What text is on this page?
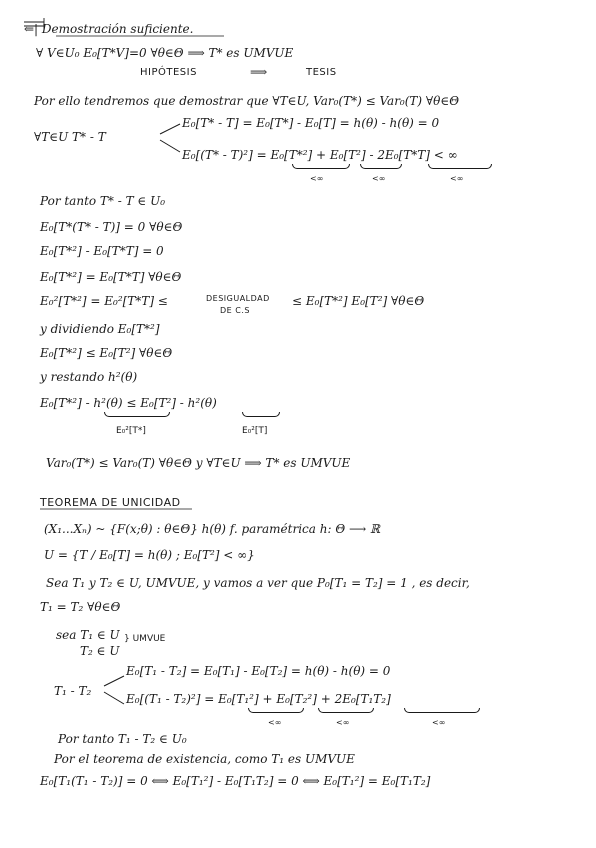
⇐| Demostración suficiente.
∀ V∈U₀ E₀[T*V]=0 ∀θ∈Θ ⟹ T* es UMVUE
HIPÓTESIS	⟹	TESIS
Por ello tendremos que demostrar que ∀T∈U, Var₀(T*) ≤ Var₀(T) ∀θ∈Θ
∀T∈U T* - T
E₀[T* - T] = E₀[T*] - E₀[T] = h(θ) - h(θ) = 0
E₀[(T* - T)²] = E₀[T*²] + E₀[T²] - 2E₀[T*T] < ∞
<∞	<∞	<∞
Por tanto T* - T ∈ U₀
E₀[T*(T* - T)] = 0 ∀θ∈Θ
E₀[T*²] - E₀[T*T] = 0
E₀[T*²] = E₀[T*T] ∀θ∈Θ
E₀²[T*²] = E₀²[T*T] ≤	DESIGUALDAD
DE C.S
≤ E₀[T*²] E₀[T²] ∀θ∈Θ
y dividiendo E₀[T*²]
E₀[T*²] ≤ E₀[T²] ∀θ∈Θ
y restando h²(θ)
E₀[T*²] - h²(θ) ≤ E₀[T²] - h²(θ)
E₀²[T*]	E₀²[T]
Var₀(T*) ≤ Var₀(T) ∀θ∈Θ y ∀T∈U ⟹ T* es UMVUE
TEOREMA DE UNICIDAD
(X₁...Xₙ) ~ {F(x;θ) : θ∈Θ} h(θ) f. paramétrica h: Θ ⟶ ℝ
U = {T / E₀[T] = h(θ) ; E₀[T²] < ∞}
Sea T₁ y T₂ ∈ U, UMVUE, y vamos a ver que P₀[T₁ = T₂] = 1 , es decir,
T₁ = T₂ ∀θ∈Θ
sea T₁ ∈ U
T₂ ∈ U
} UMVUE
E₀[T₁ - T₂] = E₀[T₁] - E₀[T₂] = h(θ) - h(θ) = 0
T₁ - T₂
E₀[(T₁ - T₂)²] = E₀[T₁²] + E₀[T₂²] + 2E₀[T₁T₂]
<∞	<∞	<∞
Por tanto T₁ - T₂ ∈ U₀
Por el teorema de existencia, como T₁ es UMVUE
E₀[T₁(T₁ - T₂)] = 0 ⟺ E₀[T₁²] - E₀[T₁T₂] = 0 ⟺ E₀[T₁²] = E₀[T₁T₂]
